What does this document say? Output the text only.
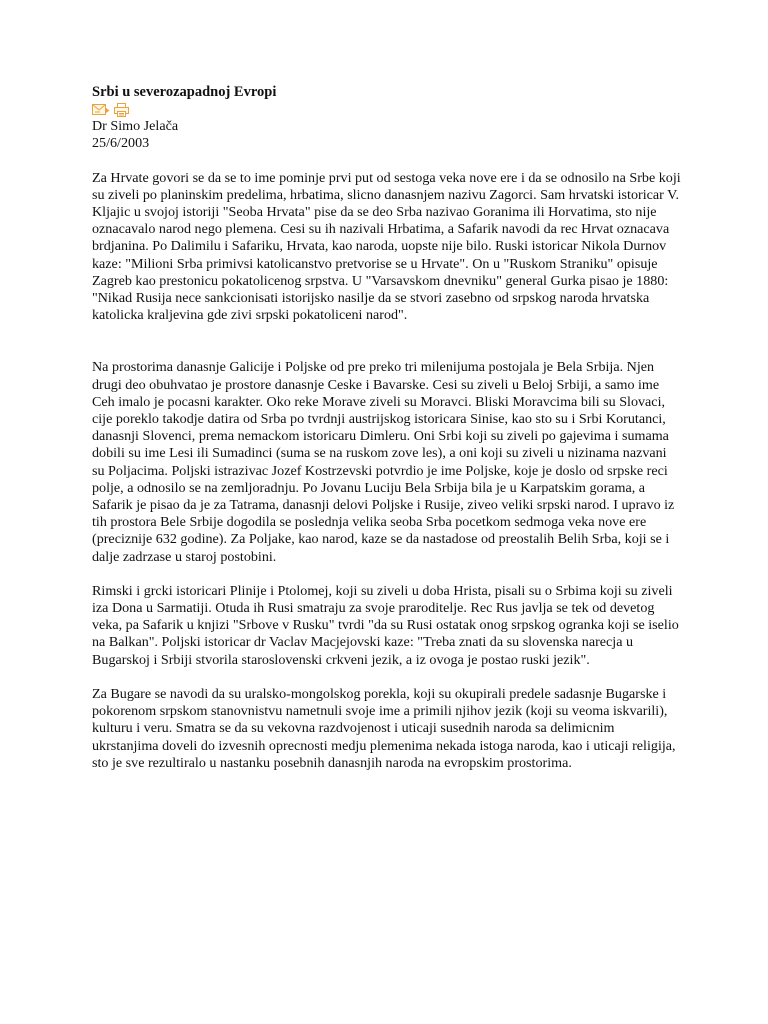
Srbi u severozapadnoj Evropi

Dr Simo Jelača

25/6/2003

Za Hrvate govori se da se to ime pominje prvi put od sestoga veka nove ere i da se odnosilo na Srbe koji su ziveli po planinskim predelima, hrbatima, slicno danasnjem nazivu Zagorci. Sam hrvatski istoricar V. Kljajic u svojoj istoriji "Seoba Hrvata" pise da se deo Srba nazivao Goranima ili Horvatima, sto nije oznacavalo narod nego plemena. Cesi su ih nazivali Hrbatima, a Safarik navodi da rec Hrvat oznacava brdjanina. Po Dalimilu i Safariku, Hrvata, kao naroda, uopste nije bilo. Ruski istoricar Nikola Durnov kaze: "Milioni Srba primivsi katolicanstvo pretvorise se u Hrvate". On u "Ruskom Straniku" opisuje Zagreb kao prestonicu pokatolicenog srpstva. U "Varsavskom dnevniku" general Gurka pisao je 1880: "Nikad Rusija nece sankcionisati istorijsko nasilje da se stvori zasebno od srpskog naroda hrvatska katolicka kraljevina gde zivi srpski pokatoliceni narod".

Na prostorima danasnje Galicije i Poljske od pre preko tri milenijuma postojala je Bela Srbija. Njen drugi deo obuhvatao je prostore danasnje Ceske i Bavarske. Cesi su ziveli u Beloj Srbiji, a samo ime Ceh imalo je pocasni karakter. Oko reke Morave ziveli su Moravci. Bliski Moravcima bili su Slovaci, cije poreklo takodje datira od Srba po tvrdnji austrijskog istoricara Sinise, kao sto su i Srbi Korutanci, danasnji Slovenci, prema nemackom istoricaru Dimleru. Oni Srbi koji su ziveli po gajevima i sumama dobili su ime Lesi ili Sumadinci (suma se na ruskom zove les), a oni koji su ziveli u nizinama nazvani su Poljacima. Poljski istrazivac Jozef Kostrzevski potvrdio je ime Poljske, koje je doslo od srpske reci polje, a odnosilo se na zemljoradnju. Po Jovanu Luciju Bela Srbija bila je u Karpatskim gorama, a Safarik je pisao da je za Tatrama, danasnji delovi Poljske i Rusije, ziveo veliki srpski narod. I upravo iz tih prostora Bele Srbije dogodila se poslednja velika seoba Srba pocetkom sedmoga veka nove ere (preciznije 632 godine). Za Poljake, kao narod, kaze se da nastadose od preostalih Belih Srba, koji se i dalje zadrzase u staroj postobini.

Rimski i grcki istoricari Plinije i Ptolomej, koji su ziveli u doba Hrista, pisali su o Srbima koji su ziveli iza Dona u Sarmatiji. Otuda ih Rusi smatraju za svoje praroditelje. Rec Rus javlja se tek od devetog veka, pa Safarik u knjizi "Srbove v Rusku" tvrdi "da su Rusi ostatak onog srpskog ogranka koji se iselio na Balkan". Poljski istoricar dr Vaclav Macjejovski kaze: "Treba znati da su slovenska narecja u Bugarskoj i Srbiji stvorila staroslovenski crkveni jezik, a iz ovoga je postao ruski jezik".

Za Bugare se navodi da su uralsko-mongolskog porekla, koji su okupirali predele sadasnje Bugarske i pokorenom srpskom stanovnistvu nametnuli svoje ime a primili njihov jezik (koji su veoma iskvarili), kulturu i veru. Smatra se da su vekovna razdvojenost i uticaji susednih naroda sa delimicnim ukrstanjima doveli do izvesnih oprecnosti medju plemenima nekada istoga naroda, kao i uticaji religija, sto je sve rezultiralo u nastanku posebnih danasnjih naroda na evropskim prostorima.
